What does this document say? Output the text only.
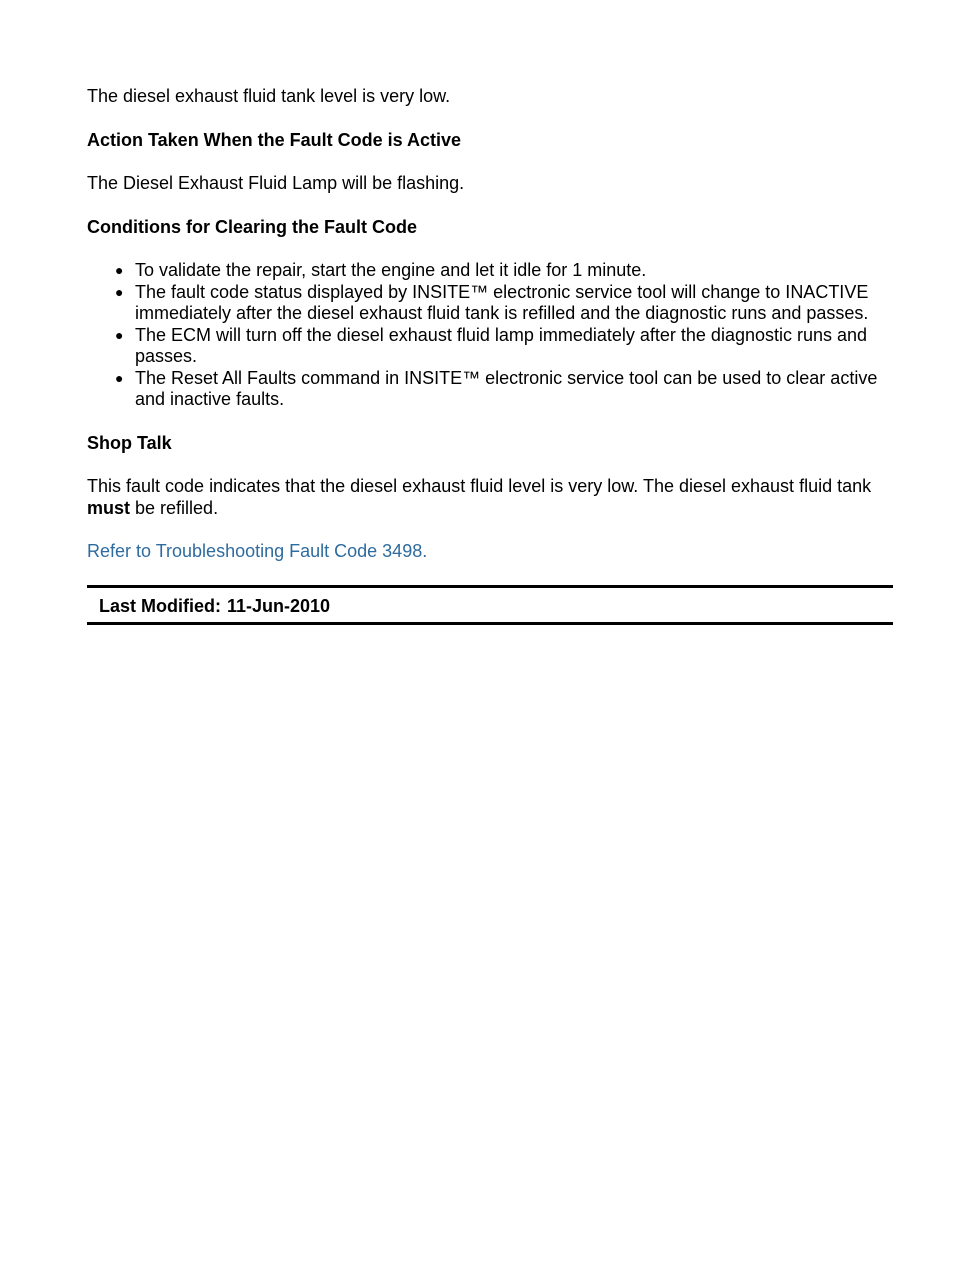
The diesel exhaust fluid tank level is very low.

Action Taken When the Fault Code is Active

The Diesel Exhaust Fluid Lamp will be flashing.

Conditions for Clearing the Fault Code
● To validate the repair, start the engine and let it idle for 1 minute.
● The fault code status displayed by INSITE™ electronic service tool will change to INACTIVE immediately after the diesel exhaust fluid tank is refilled and the diagnostic runs and passes.
● The ECM will turn off the diesel exhaust fluid lamp immediately after the diagnostic runs and passes.
● The Reset All Faults command in INSITE™ electronic service tool can be used to clear active and inactive faults.
Shop Talk

This fault code indicates that the diesel exhaust fluid level is very low. The diesel exhaust fluid tank must be refilled.

Refer to Troubleshooting Fault Code 3498.

Last Modified: 11-Jun-2010
